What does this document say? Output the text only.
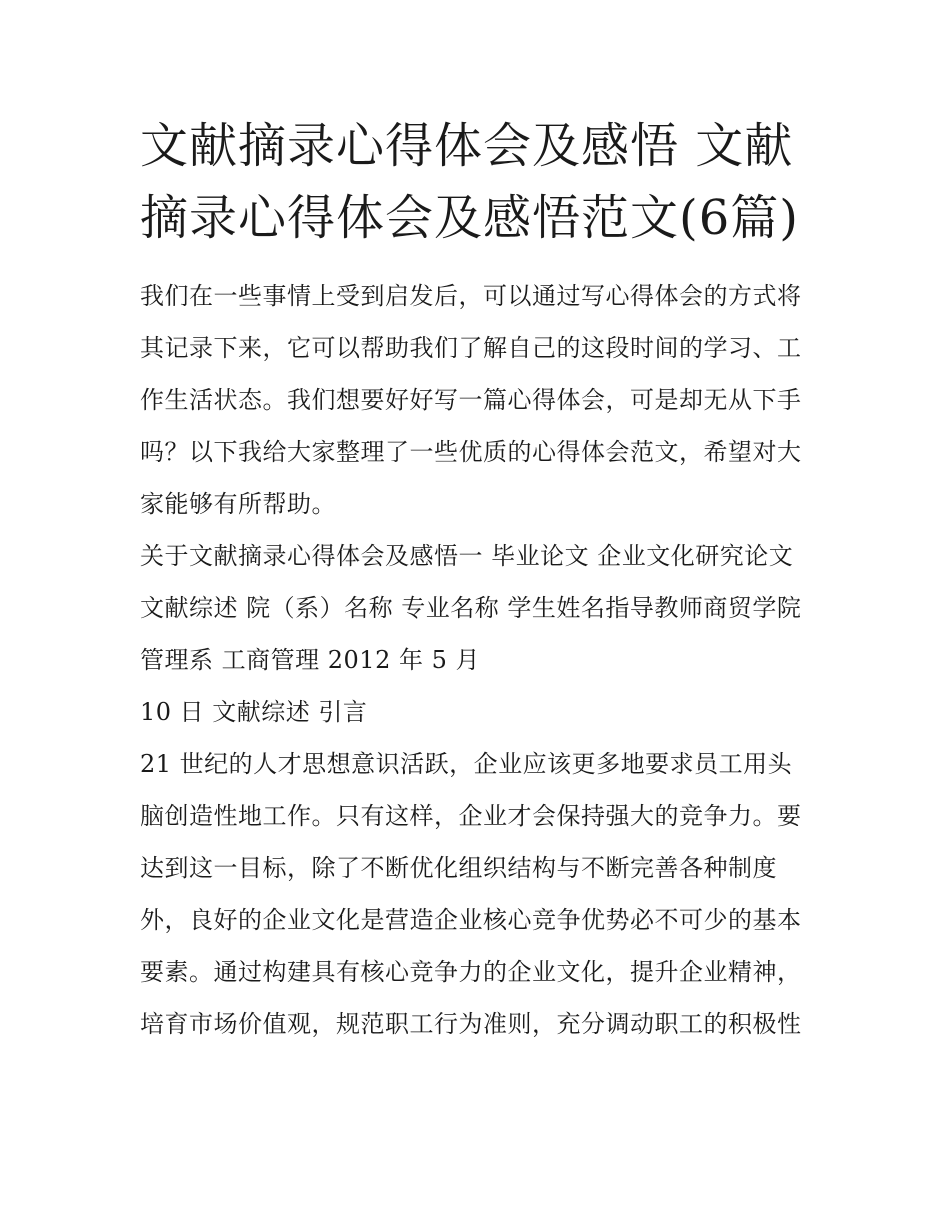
文献摘录心得体会及感悟 文献摘录心得体会及感悟范文(6篇)

我们在一些事情上受到启发后，可以通过写心得体会的方式将其记录下来，它可以帮助我们了解自己的这段时间的学习、工作生活状态。我们想要好好写一篇心得体会，可是却无从下手吗？以下我给大家整理了一些优质的心得体会范文，希望对大家能够有所帮助。

关于文献摘录心得体会及感悟一 毕业论文 企业文化研究论文 文献综述 院（系）名称 专业名称 学生姓名指导教师商贸学院 管理系 工商管理 2012 年 5 月

10 日 文献综述 引言

21 世纪的人才思想意识活跃，企业应该更多地要求员工用头脑创造性地工作。只有这样，企业才会保持强大的竞争力。要达到这一目标，除了不断优化组织结构与不断完善各种制度外，良好的企业文化是营造企业核心竞争优势必不可少的基本要素。通过构建具有核心竞争力的企业文化，提升企业精神，培育市场价值观，规范职工行为准则，充分调动职工的积极性
